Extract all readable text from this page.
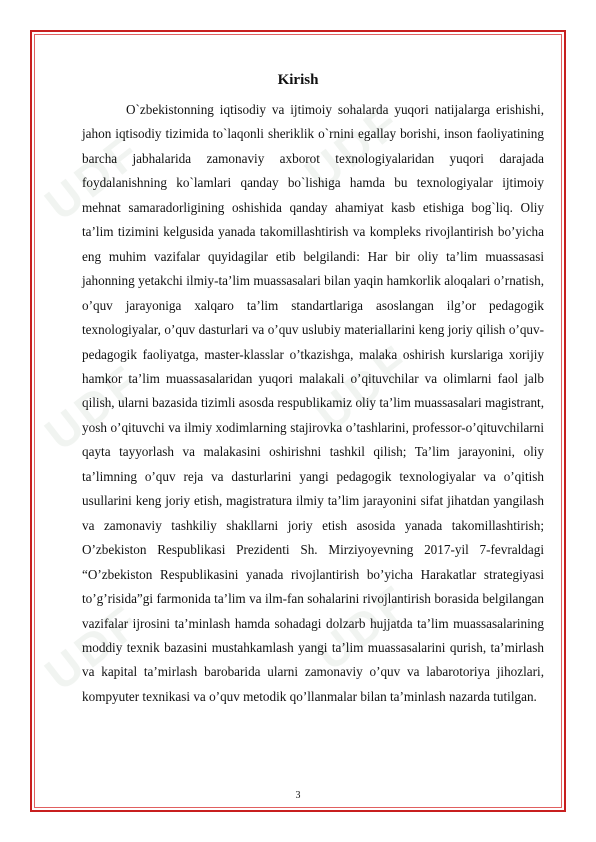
UDF	UDF
UDF	UDF
UDF	UDF
Kirish

O`zbekistonning iqtisodiy va ijtimoiy sohalarda yuqori natijalarga erishishi, jahon iqtisodiy tizimida to`laqonli sheriklik o`rnini egallay borishi, inson faoliyatining barcha jabhalarida zamonaviy axborot texnologiyalaridan yuqori darajada foydalanishning ko`lamlari qanday bo`lishiga hamda bu texnologiyalar ijtimoiy mehnat samaradorligining oshishida qanday ahamiyat kasb etishiga bog`liq. Oliy ta’lim tizimini kelgusida yanada takomillashtirish va kompleks rivojlantirish bo’yicha eng muhim vazifalar quyidagilar etib belgilandi: Har bir oliy ta’lim muassasasi jahonning yetakchi ilmiy-ta’lim muassasalari bilan yaqin hamkorlik aloqalari o’rnatish, o’quv jarayoniga xalqaro ta’lim standartlariga asoslangan ilg’or pedagogik texnologiyalar, o’quv dasturlari va o’quv uslubiy materiallarini keng joriy qilish o’quv-pedagogik faoliyatga, master-klasslar o’tkazishga, malaka oshirish kurslariga xorijiy hamkor ta’lim muassasalaridan yuqori malakali o’qituvchilar va olimlarni faol jalb qilish, ularni bazasida tizimli asosda respublikamiz oliy ta’lim muassasalari magistrant, yosh o’qituvchi va ilmiy xodimlarning stajirovka o’tashlarini, professor-o’qituvchilarni qayta tayyorlash va malakasini oshirishni tashkil qilish; Ta’lim jarayonini, oliy ta’limning o’quv reja va dasturlarini yangi pedagogik texnologiyalar va o’qitish usullarini keng joriy etish, magistratura ilmiy ta’lim jarayonini sifat jihatdan yangilash va zamonaviy tashkiliy shakllarni joriy etish asosida yanada takomillashtirish; O’zbekiston Respublikasi Prezidenti Sh. Mirziyoyevning 2017-yil 7-fevraldagi “O’zbekiston Respublikasini yanada rivojlantirish bo’yicha Harakatlar strategiyasi to’g’risida”gi farmonida ta’lim va ilm-fan sohalarini rivojlantirish borasida belgilangan vazifalar ijrosini ta’minlash hamda sohadagi dolzarb hujjatda ta’lim muassasalarining moddiy texnik bazasini mustahkamlash yangi ta’lim muassasalarini qurish, ta’mirlash va kapital ta’mirlash barobarida ularni zamonaviy o’quv va labarotoriya jihozlari, kompyuter texnikasi va o’quv metodik qo’llanmalar bilan ta’minlash nazarda tutilgan.

3
